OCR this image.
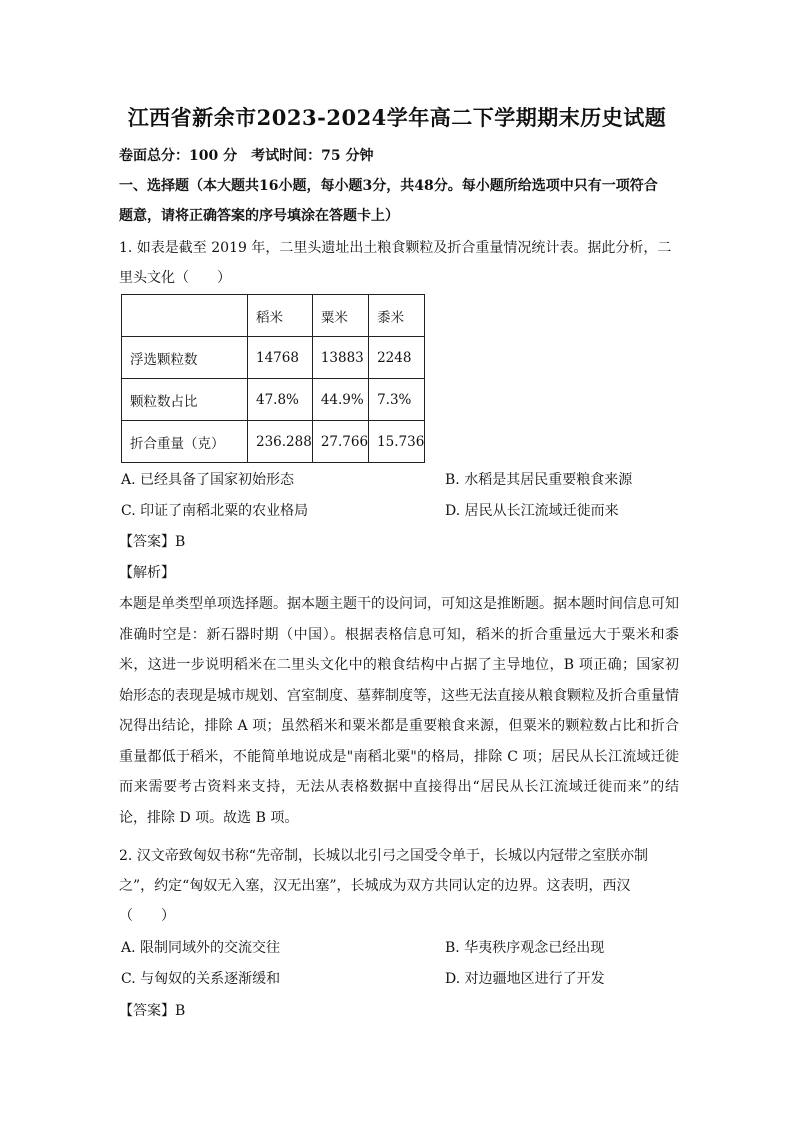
江西省新余市2023-2024学年高二下学期期末历史试题
卷面总分：100 分　考试时间：75 分钟
一、选择题（本大题共16小题，每小题3分，共48分。每小题所给选项中只有一项符合
题意，请将正确答案的序号填涂在答题卡上）
1. 如表是截至 2019 年，二里头遗址出土粮食颗粒及折合重量情况统计表。据此分析，二
里头文化（　　）
	稻米	粟米	黍米
浮选颗粒数	14768	13883	2248
颗粒数占比	47.8%	44.9%	7.3%
折合重量（克）	236.288	27.766	15.736
A. 已经具备了国家初始形态	B. 水稻是其居民重要粮食来源
C. 印证了南稻北粟的农业格局	D. 居民从长江流域迁徙而来
【答案】B
【解析】
本题是单类型单项选择题。据本题主题干的设问词，可知这是推断题。据本题时间信息可知准确时空是：新石器时期（中国）。根据表格信息可知，稻米的折合重量远大于粟米和黍米，这进一步说明稻米在二里头文化中的粮食结构中占据了主导地位，B 项正确；国家初始形态的表现是城市规划、宫室制度、墓葬制度等，这些无法直接从粮食颗粒及折合重量情况得出结论，排除 A 项；虽然稻米和粟米都是重要粮食来源，但粟米的颗粒数占比和折合重量都低于稻米，不能简单地说成是"南稻北粟"的格局，排除 C 项；居民从长江流域迁徙而来需要考古资料来支持，无法从表格数据中直接得出“居民从长江流域迁徙而来”的结论，排除 D 项。故选 B 项。
2. 汉文帝致匈奴书称“先帝制，长城以北引弓之国受令单于，长城以内冠带之室朕亦制
之”，约定“匈奴无入塞，汉无出塞”，长城成为双方共同认定的边界。这表明，西汉
（　　）
A. 限制同域外的交流交往	B. 华夷秩序观念已经出现
C. 与匈奴的关系逐渐缓和	D. 对边疆地区进行了开发
【答案】B
